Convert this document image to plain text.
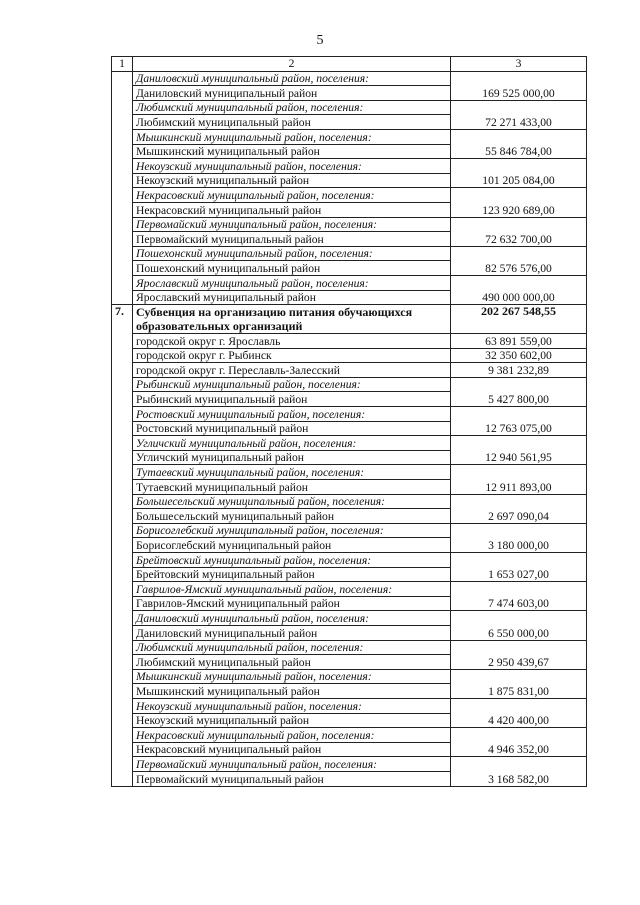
5
1	2	3
	Даниловский муниципальный район, поселения:	
	Даниловский муниципальный район	169 525 000,00
	Любимский муниципальный район, поселения:	
	Любимский муниципальный район	72 271 433,00
	Мышкинский муниципальный район, поселения:	
	Мышкинский муниципальный район	55 846 784,00
	Некоузский муниципальный район, поселения:	
	Некоузский муниципальный район	101 205 084,00
	Некрасовский муниципальный район, поселения:	
	Некрасовский муниципальный район	123 920 689,00
	Первомайский муниципальный район, поселения:	
	Первомайский муниципальный район	72 632 700,00
	Пошехонский муниципальный район, поселения:	
	Пошехонский муниципальный район	82 576 576,00
	Ярославский муниципальный район, поселения:	
	Ярославский муниципальный район	490 000 000,00
7.	Субвенция на организацию питания обучающихся образовательных организаций	202 267 548,55
	городской округ г. Ярославль	63 891 559,00
	городской округ г. Рыбинск	32 350 602,00
	городской округ г. Переславль-Залесский	9 381 232,89
	Рыбинский муниципальный район, поселения:	
	Рыбинский муниципальный район	5 427 800,00
	Ростовский муниципальный район, поселения:	
	Ростовский муниципальный район	12 763 075,00
	Угличский муниципальный район, поселения:	
	Угличский муниципальный район	12 940 561,95
	Тутаевский муниципальный район, поселения:	
	Тутаевский муниципальный район	12 911 893,00
	Большесельский муниципальный район, поселения:	
	Большесельский муниципальный район	2 697 090,04
	Борисоглебский муниципальный район, поселения:	
	Борисоглебский муниципальный район	3 180 000,00
	Брейтовский муниципальный район, поселения:	
	Брейтовский муниципальный район	1 653 027,00
	Гаврилов-Ямский муниципальный район, поселения:	
	Гаврилов-Ямский муниципальный район	7 474 603,00
	Даниловский муниципальный район, поселения:	
	Даниловский муниципальный район	6 550 000,00
	Любимский муниципальный район, поселения:	
	Любимский муниципальный район	2 950 439,67
	Мышкинский муниципальный район, поселения:	
	Мышкинский муниципальный район	1 875 831,00
	Некоузский муниципальный район, поселения:	
	Некоузский муниципальный район	4 420 400,00
	Некрасовский муниципальный район, поселения:	
	Некрасовский муниципальный район	4 946 352,00
	Первомайский муниципальный район, поселения:	
	Первомайский муниципальный район	3 168 582,00
